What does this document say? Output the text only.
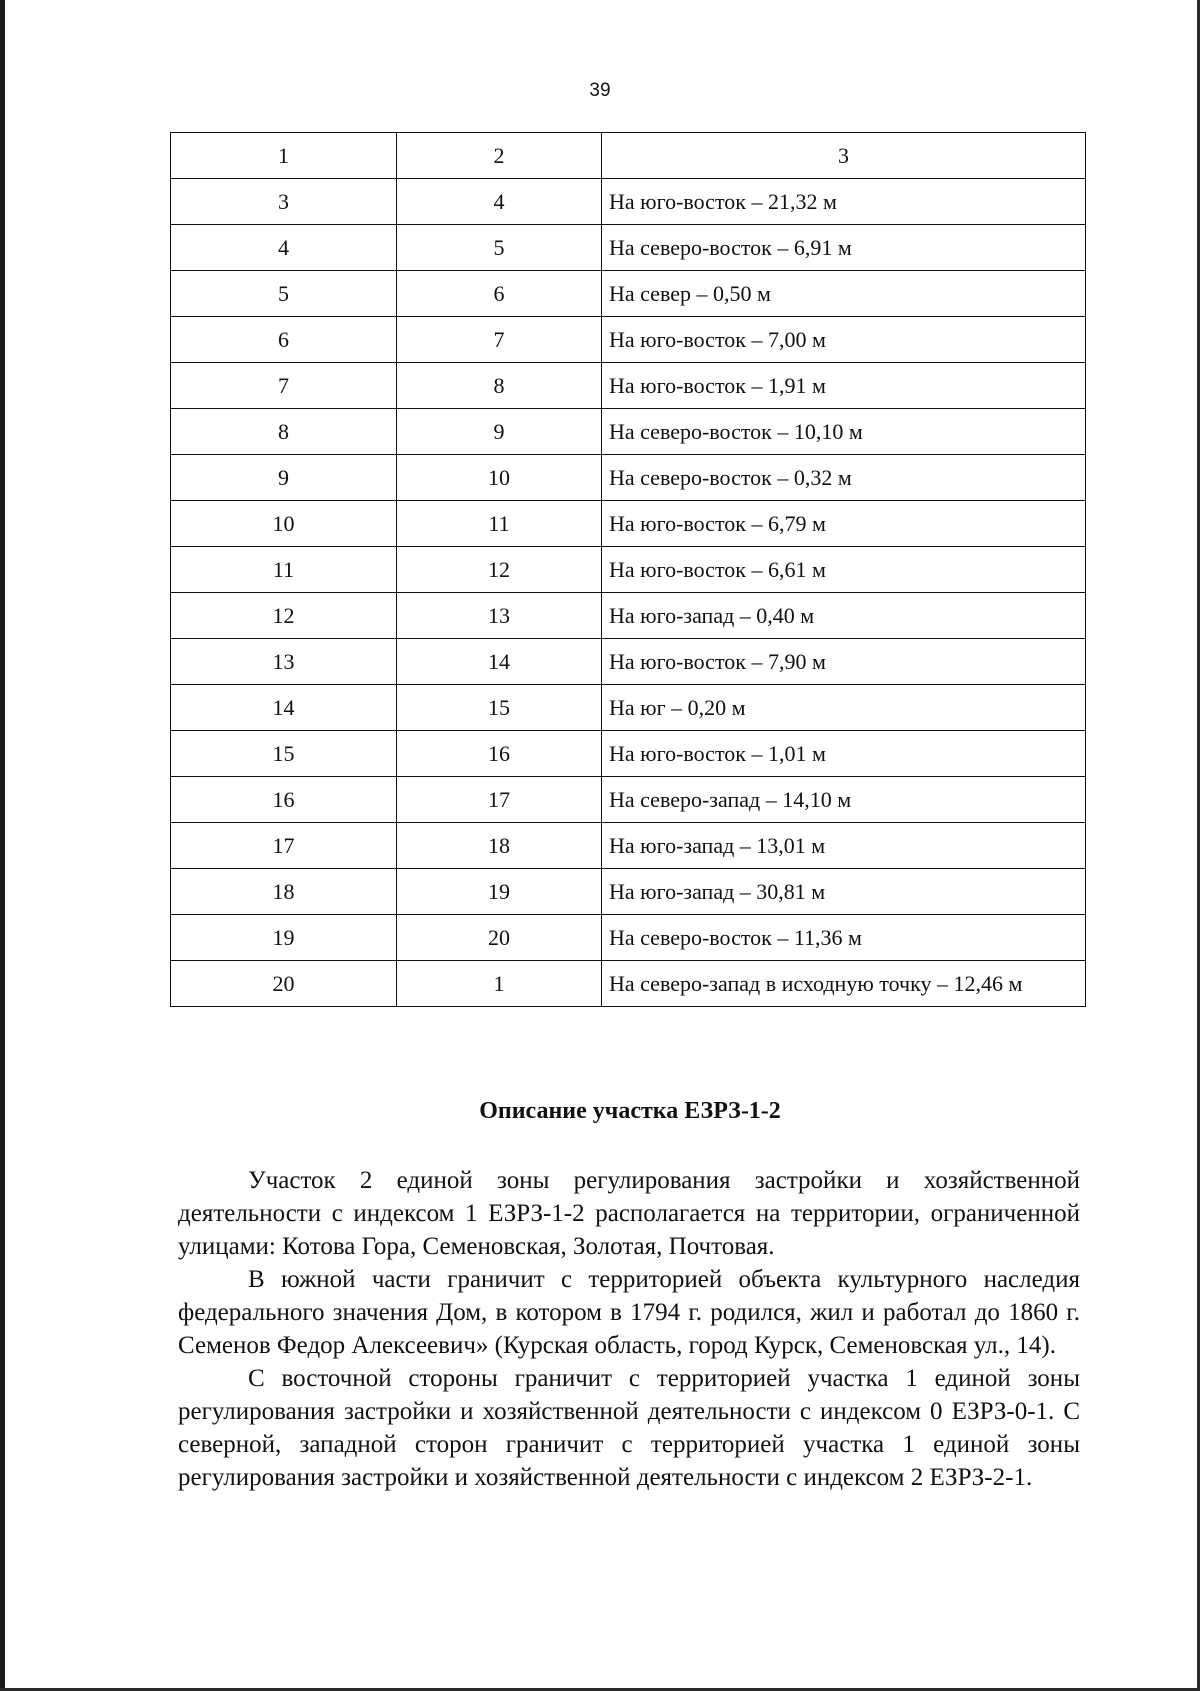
39
1	2	3
3	4	На юго-восток – 21,32 м
4	5	На северо-восток – 6,91 м
5	6	На север – 0,50 м
6	7	На юго-восток – 7,00 м
7	8	На юго-восток – 1,91 м
8	9	На северо-восток – 10,10 м
9	10	На северо-восток – 0,32 м
10	11	На юго-восток – 6,79 м
11	12	На юго-восток – 6,61 м
12	13	На юго-запад – 0,40 м
13	14	На юго-восток – 7,90 м
14	15	На юг – 0,20 м
15	16	На юго-восток – 1,01 м
16	17	На северо-запад – 14,10 м
17	18	На юго-запад – 13,01 м
18	19	На юго-запад – 30,81 м
19	20	На северо-восток – 11,36 м
20	1	На северо-запад в исходную точку – 12,46 м
Описание участка ЕЗРЗ-1-2

Участок 2 единой зоны регулирования застройки и хозяйственной деятельности с индексом 1 ЕЗРЗ-1-2 располагается на территории, ограниченной улицами: Котова Гора, Семеновская, Золотая, Почтовая.

В южной части граничит с территорией объекта культурного наследия федерального значения Дом, в котором в 1794 г. родился, жил и работал до 1860 г. Семенов Федор Алексеевич» (Курская область, город Курск, Семеновская ул., 14).

С восточной стороны граничит с территорией участка 1 единой зоны регулирования застройки и хозяйственной деятельности с индексом 0 ЕЗРЗ-0-1. С северной, западной сторон граничит с территорией участка 1 единой зоны регулирования застройки и хозяйственной деятельности с индексом 2 ЕЗРЗ-2-1.
